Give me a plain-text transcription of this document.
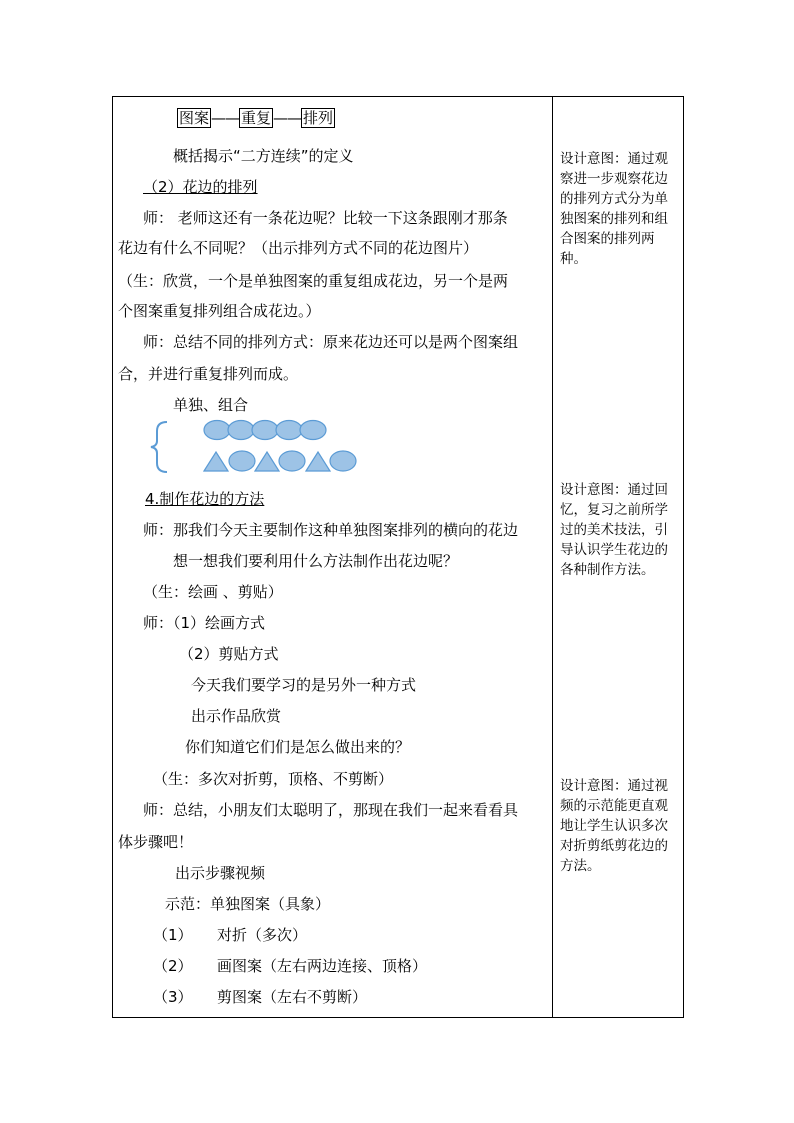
图案 —— 重复 —— 排列
概括揭示“二方连续”的定义
（2）花边的排列
师： 老师这还有一条花边呢？比较一下这条跟刚才那条
花边有什么不同呢？（出示排列方式不同的花边图片）
（生：欣赏，一个是单独图案的重复组成花边，另一个是两
个图案重复排列组合成花边。）
师：总结不同的排列方式：原来花边还可以是两个图案组
合，并进行重复排列而成。
单独、组合
4.制作花边的方法
师：那我们今天主要制作这种单独图案排列的横向的花边
想一想我们要利用什么方法制作出花边呢？
（生：绘画 、剪贴）
师：（1）绘画方式
（2）剪贴方式
今天我们要学习的是另外一种方式
出示作品欣赏
你们知道它们们是怎么做出来的？
（生：多次对折剪，顶格、不剪断）
师：总结，小朋友们太聪明了，那现在我们一起来看看具
体步骤吧！
出示步骤视频
示范：单独图案（具象）
（1） 对折（多次）
（2） 画图案（左右两边连接、顶格）
（3） 剪图案（左右不剪断）
设计意图：通过观察进一步观察花边的排列方式分为单独图案的排列和组合图案的排列两种。
设计意图：通过回忆，复习之前所学过的美术技法，引导认识学生花边的各种制作方法。
设计意图：通过视频的示范能更直观地让学生认识多次对折剪纸剪花边的方法。
